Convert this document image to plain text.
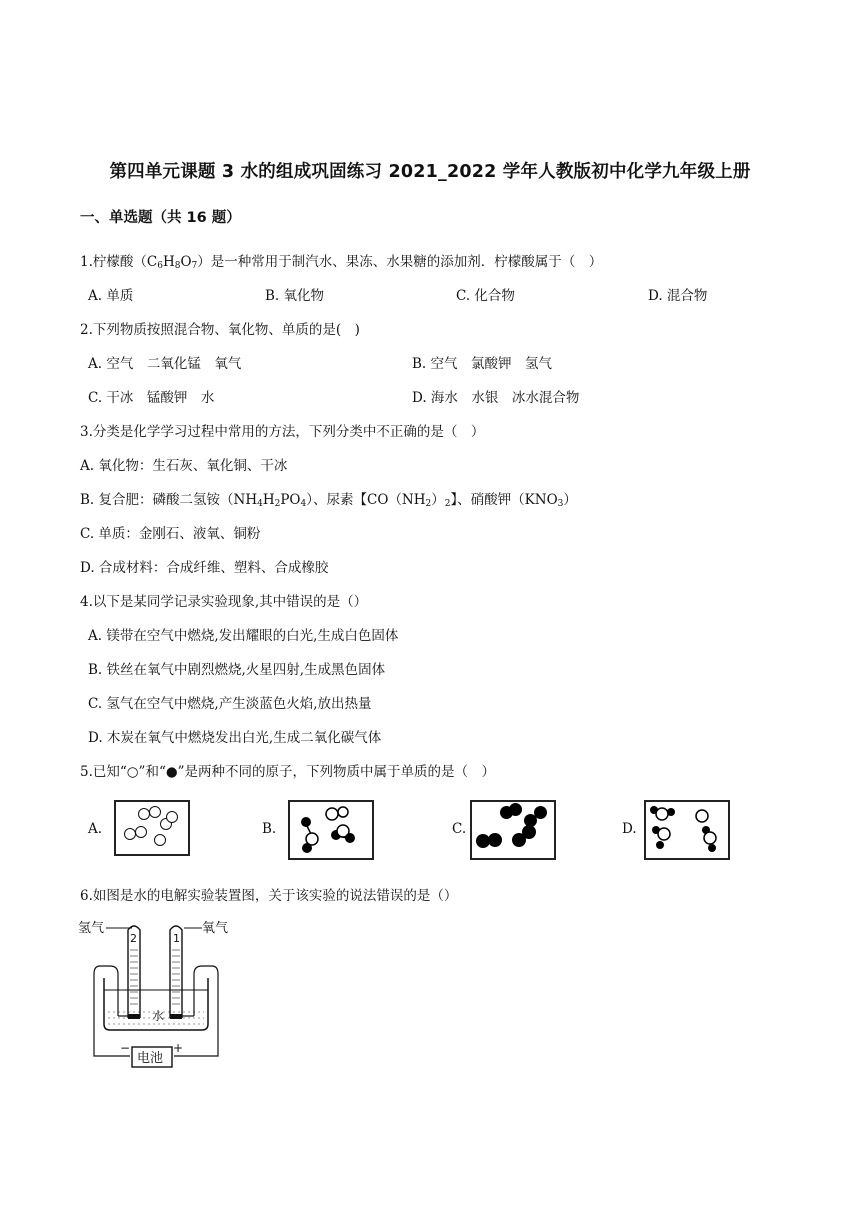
第四单元课题 3 水的组成巩固练习 2021_2022 学年人教版初中化学九年级上册
一、单选题（共 16 题）
1.柠檬酸$(C_6H_8O_7)$是一种常用于制汽水、果冻、水果糖的添加剂．柠檬酸属于（　）
A. 单质	B. 氧化物	C. 化合物	D. 混合物
2.下列物质按照混合物、氧化物、单质的是(　)
A. 空气　二氧化锰　氧气	B. 空气　氯酸钾　氢气
C. 干冰　锰酸钾　水	D. 海水　水银　冰水混合物
3.分类是化学学习过程中常用的方法，下列分类中不正确的是（　）
A. 氧化物：生石灰、氧化铜、干冰
B. 复合肥：磷酸二氢铵$(NH_4H_2PO_4)$、尿素【$CO(NH_2)_2$】、硝酸钾$(KNO_3)$
C. 单质：金刚石、液氧、铜粉
D. 合成材料：合成纤维、塑料、合成橡胶
4.以下是某同学记录实验现象,其中错误的是（）
A. 镁带在空气中燃烧,发出耀眼的白光,生成白色固体
B. 铁丝在氧气中剧烈燃烧,火星四射,生成黑色固体
C. 氢气在空气中燃烧,产生淡蓝色火焰,放出热量
D. 木炭在氧气中燃烧发出白光,生成二氧化碳气体
5.已知“○”和“●”是两种不同的原子，下列物质中属于单质的是（　）
A.	B.	C.	D.
6.如图是水的电解实验装置图，关于该实验的说法错误的是（）
氢气	氧气
水
2	1
电池
−	+
